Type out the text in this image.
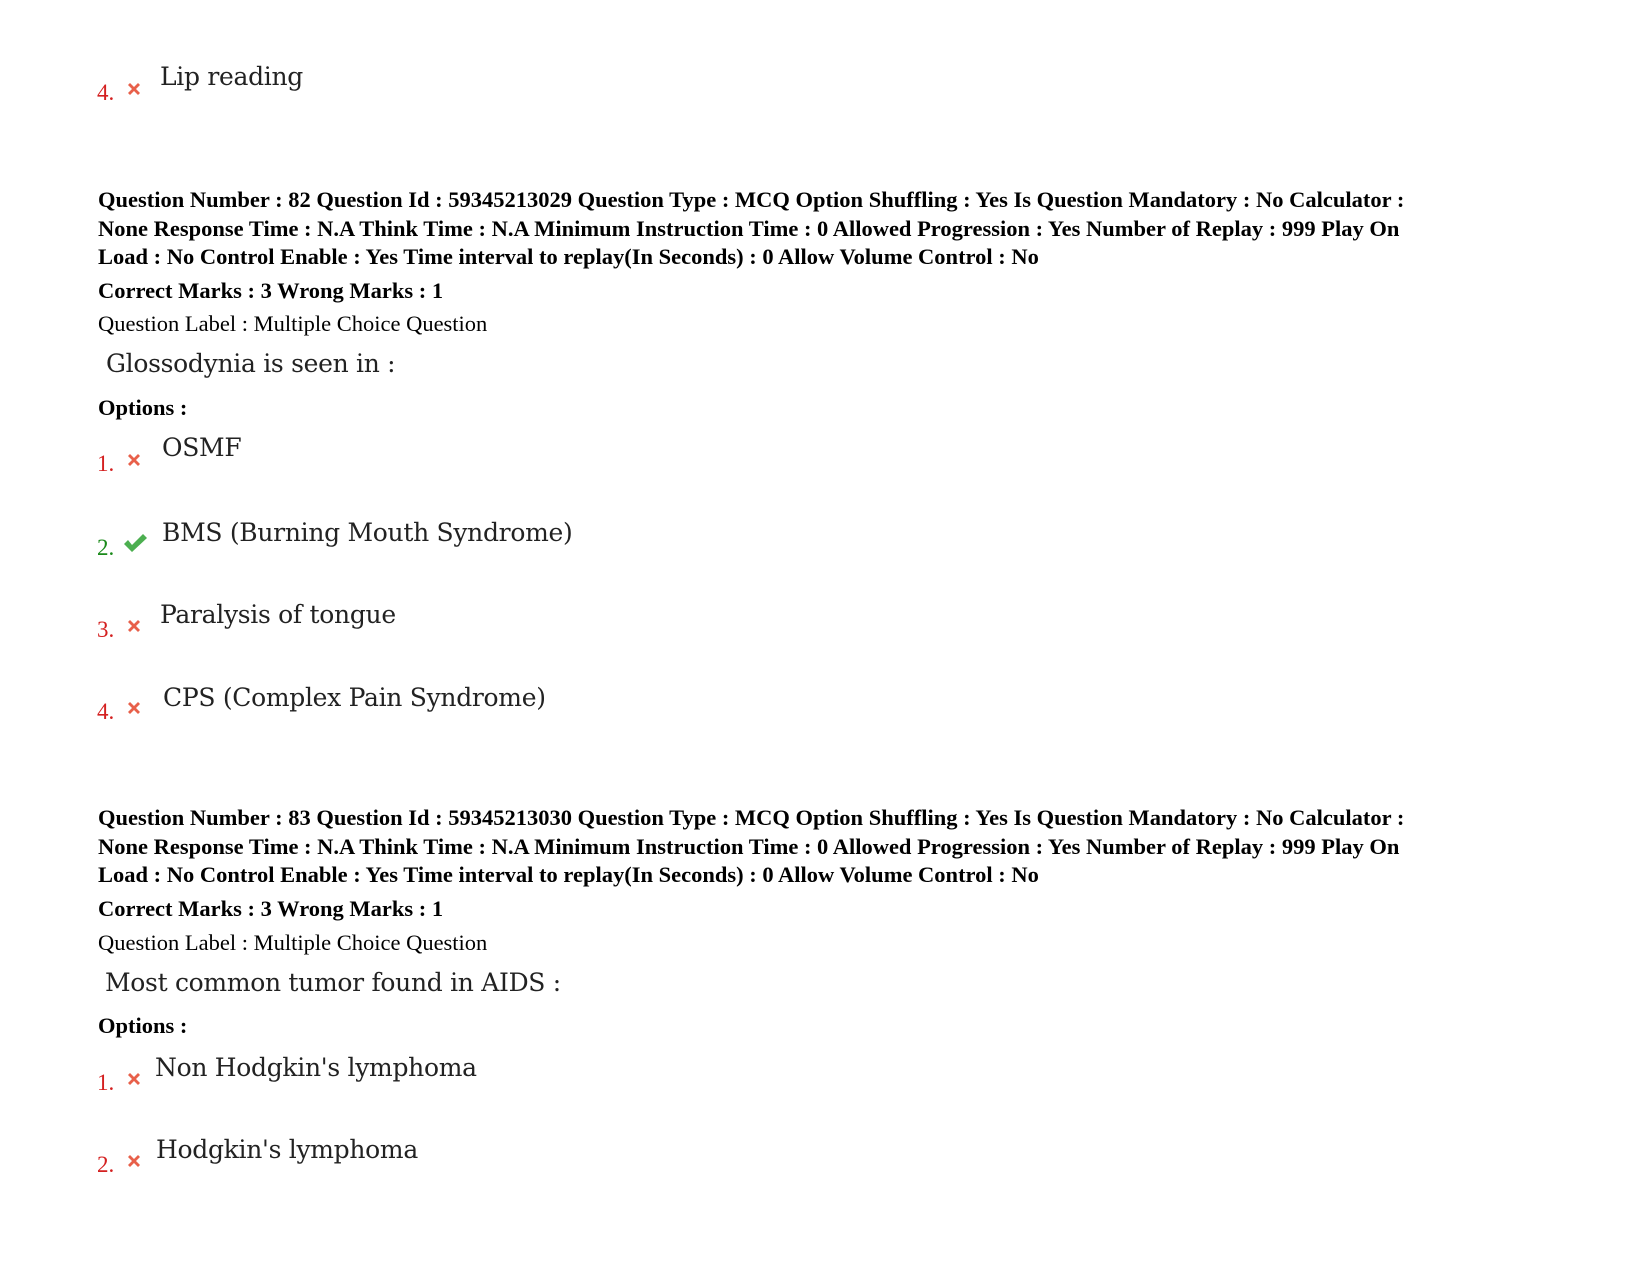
4.
Lip reading
Question Number : 82 Question Id : 59345213029 Question Type : MCQ Option Shuffling : Yes Is Question Mandatory : No Calculator :
None Response Time : N.A Think Time : N.A Minimum Instruction Time : 0 Allowed Progression : Yes Number of Replay : 999 Play On
Load : No Control Enable : Yes Time interval to replay(In Seconds) : 0 Allow Volume Control : No
Correct Marks : 3 Wrong Marks : 1
Question Label : Multiple Choice Question
Glossodynia is seen in :
Options :
1.
OSMF
2.
BMS (Burning Mouth Syndrome)
3.
Paralysis of tongue
4. CPS (Complex Pain Syndrome)
Question Number : 83 Question Id : 59345213030 Question Type : MCQ Option Shuffling : Yes Is Question Mandatory : No Calculator :
None Response Time : N.A Think Time : N.A Minimum Instruction Time : 0 Allowed Progression : Yes Number of Replay : 999 Play On
Load : No Control Enable : Yes Time interval to replay(In Seconds) : 0 Allow Volume Control : No
Correct Marks : 3 Wrong Marks : 1
Question Label : Multiple Choice Question
Most common tumor found in AIDS :
Options :
1.
Non Hodgkin's lymphoma
2.
Hodgkin's lymphoma
